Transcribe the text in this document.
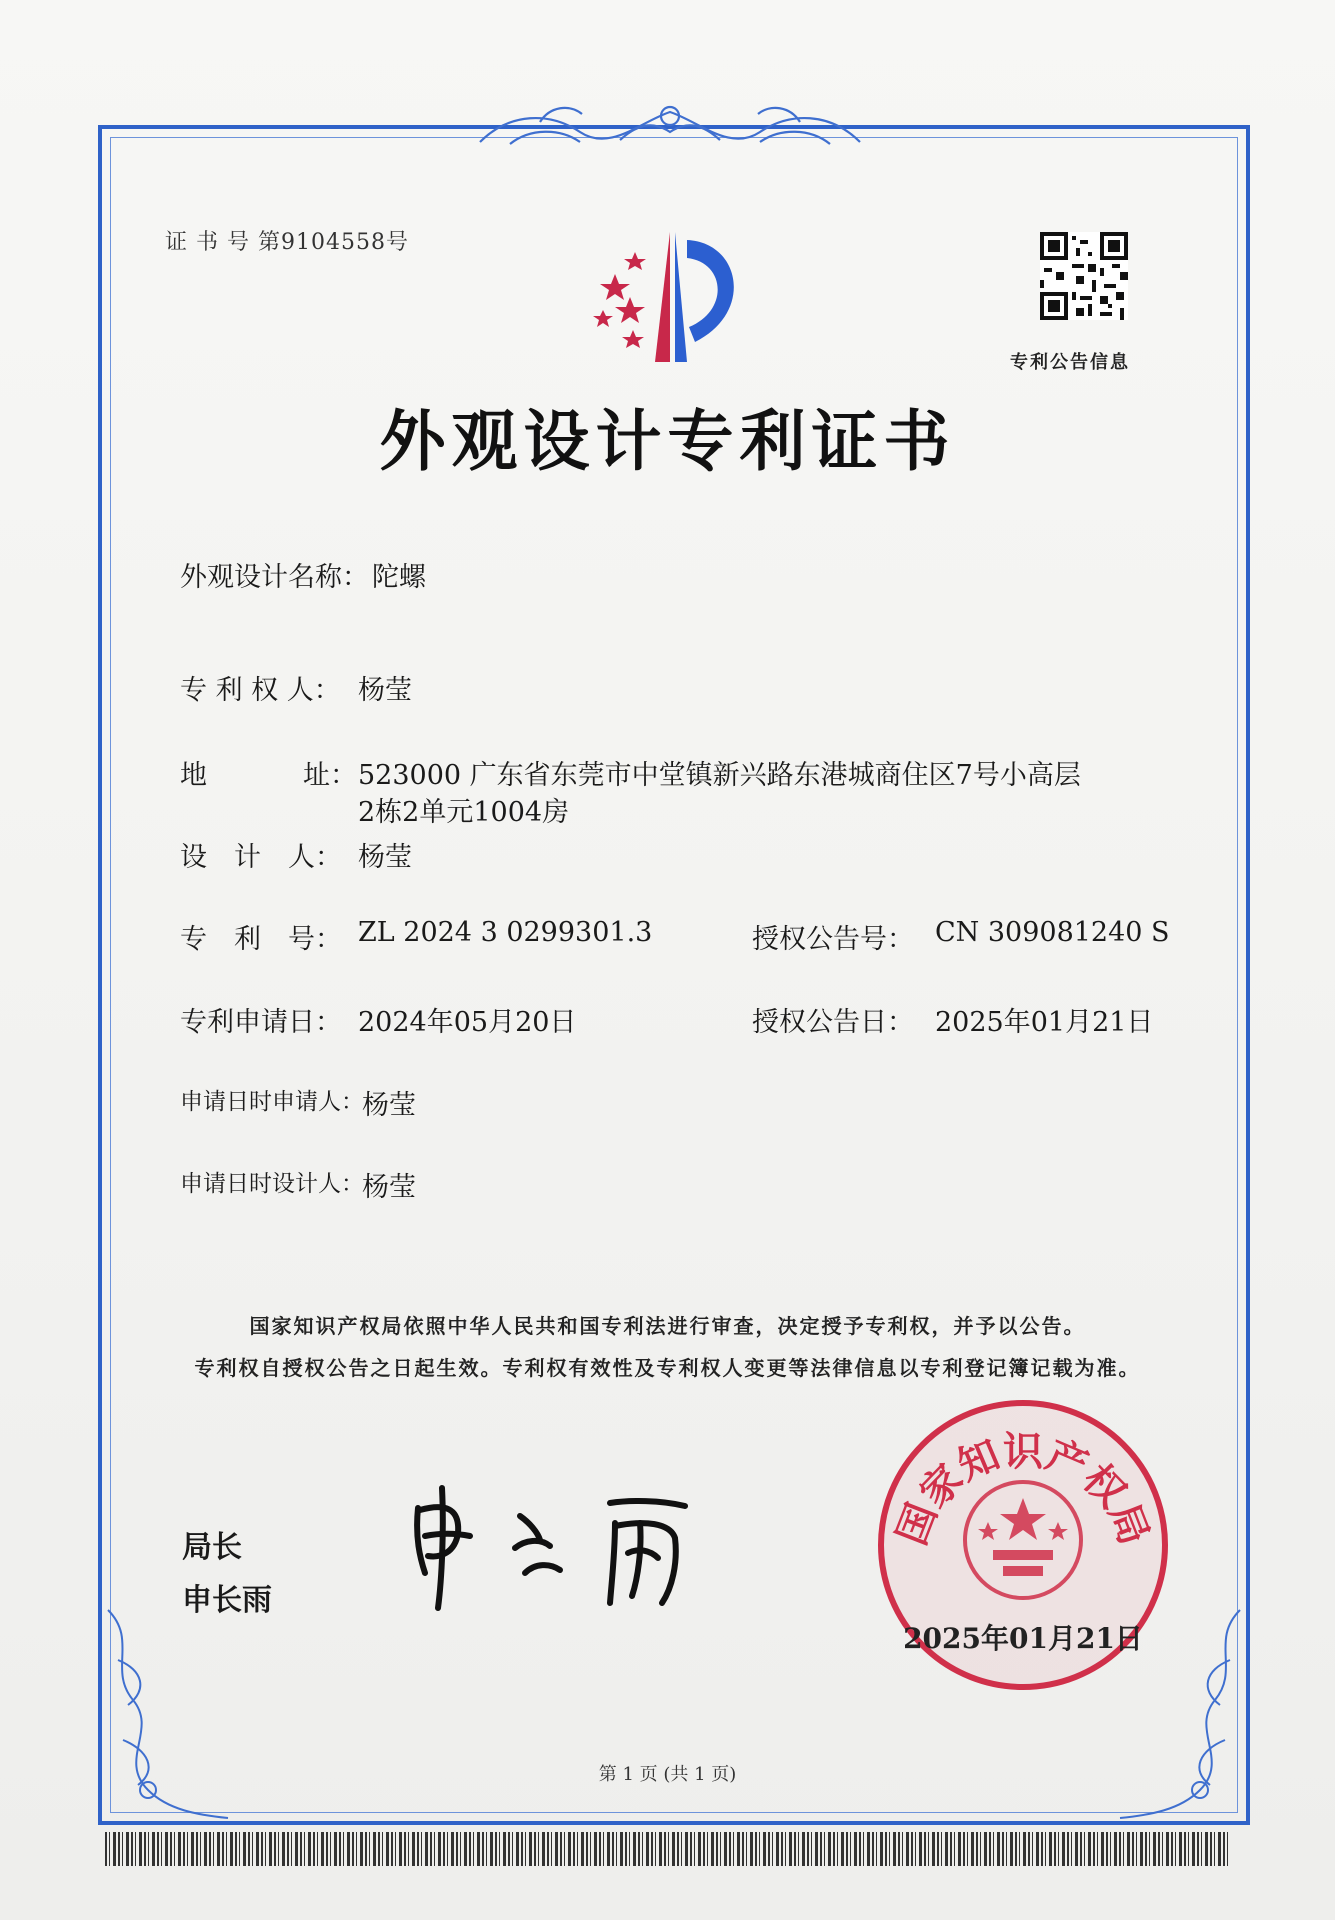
证 书 号 第9104558号
专利公告信息
外观设计专利证书
外观设计名称： 陀螺
专 利 权 人： 杨莹
地	址： 523000 广东省东莞市中堂镇新兴路东港城商住区7号小高层
2栋2单元1004房
设　计　人： 杨莹
专　利　号： ZL 2024 3 0299301.3	授权公告号： CN 309081240 S
专利申请日： 2024年05月20日	授权公告日： 2025年01月21日
申请日时申请人：
杨莹
申请日时设计人：
杨莹
国家知识产权局依照中华人民共和国专利法进行审查，决定授予专利权，并予以公告。
专利权自授权公告之日起生效。专利权有效性及专利权人变更等法律信息以专利登记簿记载为准。
局长
申长雨
国家知识产权局
2025年01月21日
第 1 页 (共 1 页)
